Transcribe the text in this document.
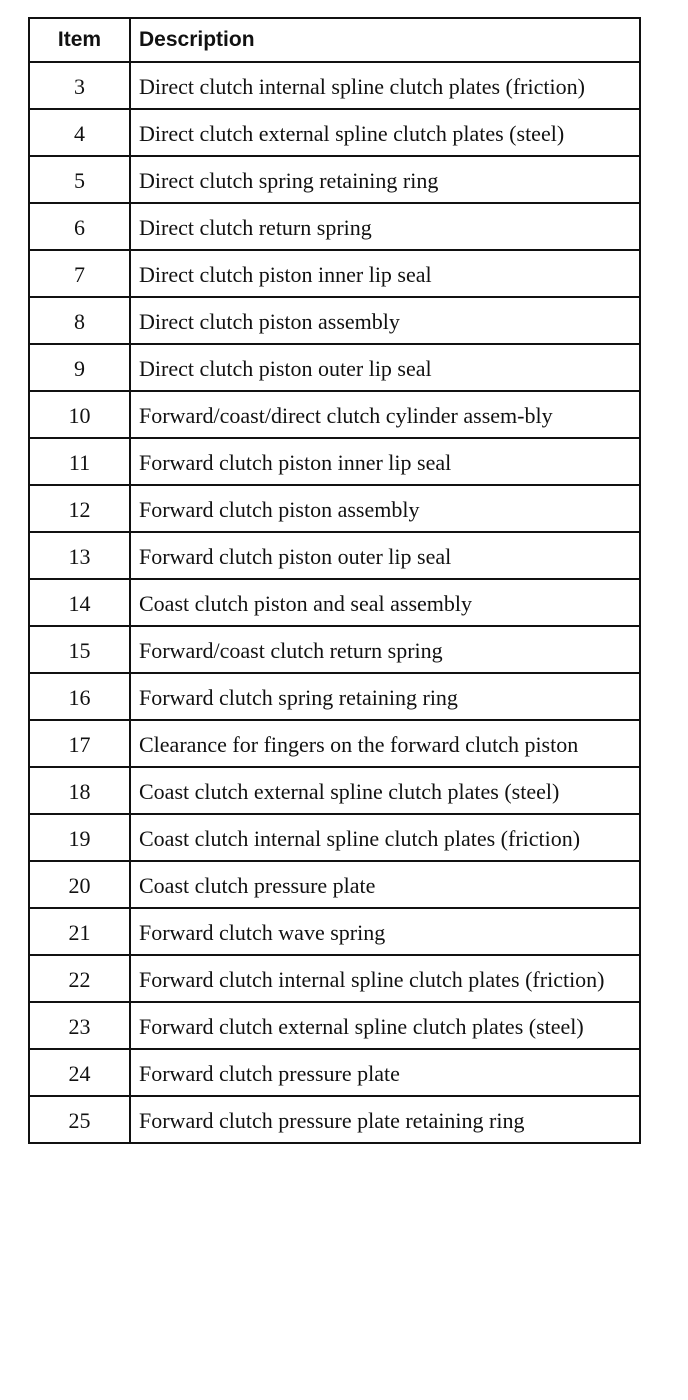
Item	Description
3	Direct clutch internal spline clutch plates (friction)
4	Direct clutch external spline clutch plates (steel)
5	Direct clutch spring retaining ring
6	Direct clutch return spring
7	Direct clutch piston inner lip seal
8	Direct clutch piston assembly
9	Direct clutch piston outer lip seal
10	Forward/coast/direct clutch cylinder assem-bly
11	Forward clutch piston inner lip seal
12	Forward clutch piston assembly
13	Forward clutch piston outer lip seal
14	Coast clutch piston and seal assembly
15	Forward/coast clutch return spring
16	Forward clutch spring retaining ring
17	Clearance for fingers on the forward clutch piston
18	Coast clutch external spline clutch plates (steel)
19	Coast clutch internal spline clutch plates (friction)
20	Coast clutch pressure plate
21	Forward clutch wave spring
22	Forward clutch internal spline clutch plates (friction)
23	Forward clutch external spline clutch plates (steel)
24	Forward clutch pressure plate
25	Forward clutch pressure plate retaining ring
